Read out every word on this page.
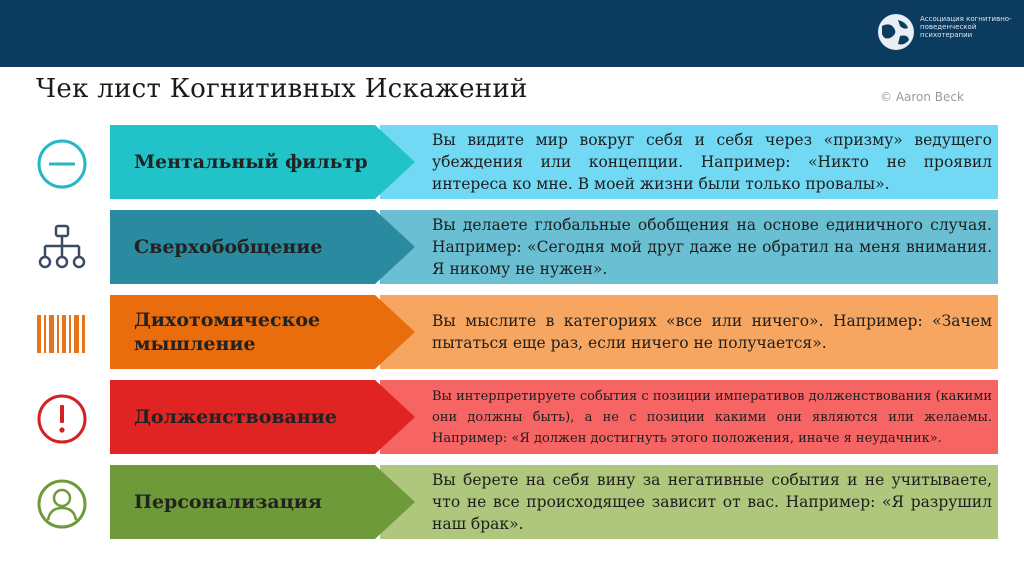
Ассоциация когнитивно-поведенческой психотерапии
Чек лист Когнитивных Искажений	© Aaron Beck
Ментальный фильтр
Вы видите мир вокруг себя и себя через «призму» ведущего убеждения или концепции. Например: «Никто не проявил интереса ко мне. В моей жизни были только провалы».
Сверхобобщение
Вы делаете глобальные обобщения на основе единичного случая. Например: «Сегодня мой друг даже не обратил на меня внимания. Я никому не нужен».
Дихотомическое мышление
Вы мыслите в категориях «все или ничего». Например: «Зачем пытаться еще раз, если ничего не получается».
Долженствование
Вы интерпретируете события с позиции императивов долженствования (какими они должны быть), а не с позиции какими они являются или желаемы. Например: «Я должен достигнуть этого положения, иначе я неудачник».
Персонализация
Вы берете на себя вину за негативные события и не учитываете, что не все происходящее зависит от вас. Например: «Я разрушил наш брак».
